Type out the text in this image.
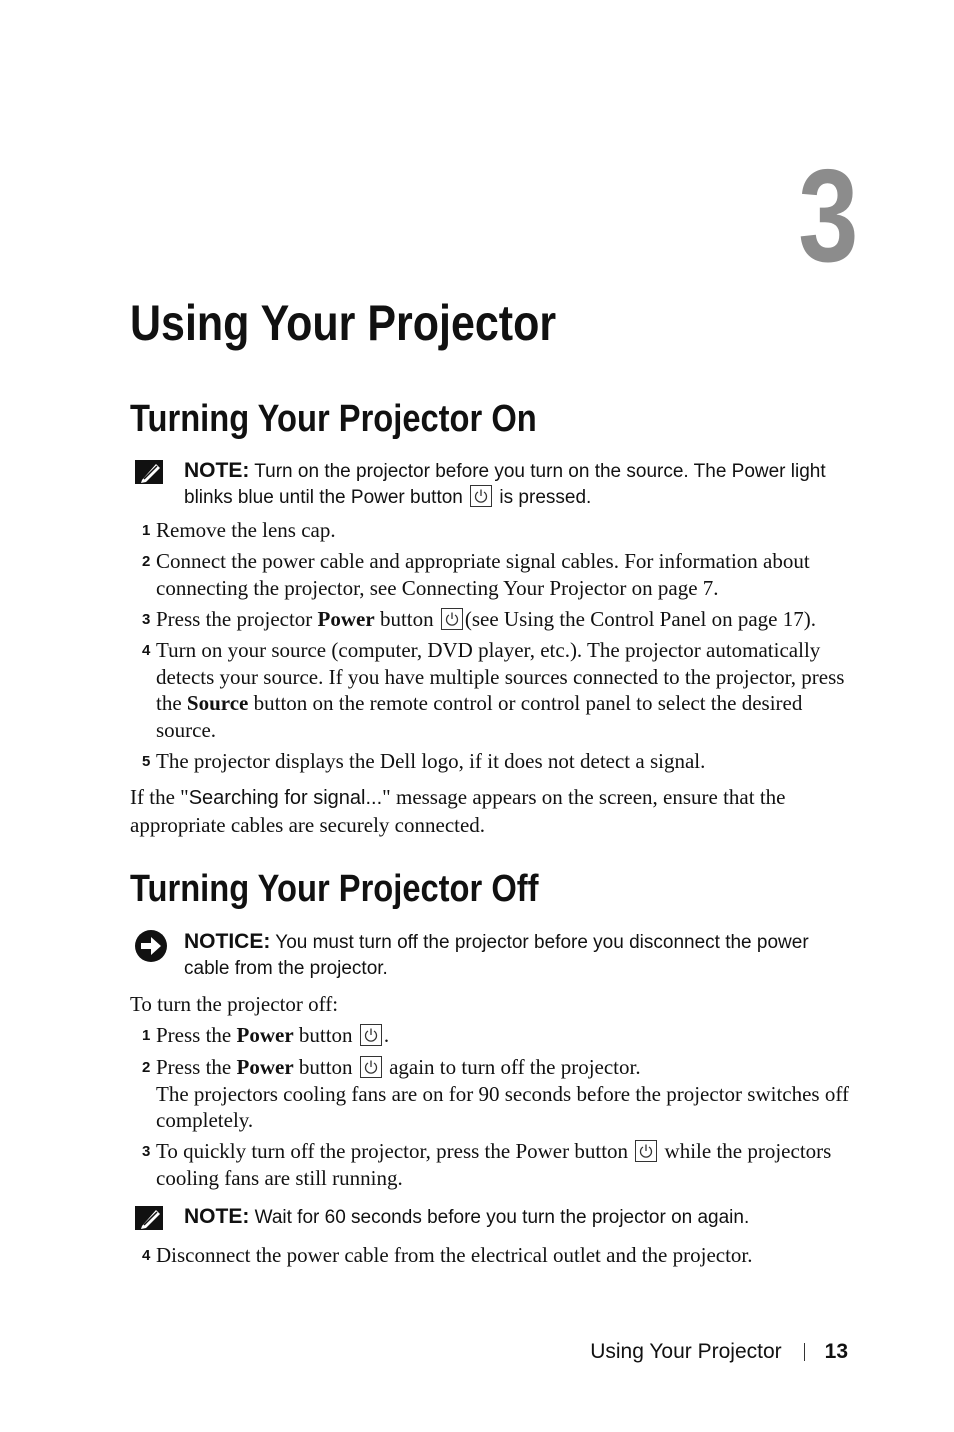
3
Using Your Projector
Turning Your Projector On
NOTE: Turn on the projector before you turn on the source. The Power light blinks blue until the Power button is pressed.
1 Remove the lens cap.
2 Connect the power cable and appropriate signal cables. For information about connecting the projector, see Connecting Your Projector on page 7.
3 Press the projector Power button (see Using the Control Panel on page 17).
4 Turn on your source (computer, DVD player, etc.). The projector automatically detects your source. If you have multiple sources connected to the projector, press the Source button on the remote control or control panel to select the desired source.
5 The projector displays the Dell logo, if it does not detect a signal.
If the "Searching for signal..." message appears on the screen, ensure that the appropriate cables are securely connected.
Turning Your Projector Off
NOTICE: You must turn off the projector before you disconnect the power cable from the projector.
To turn the projector off:
1 Press the Power button .
2 Press the Power button again to turn off the projector.
The projectors cooling fans are on for 90 seconds before the projector switches off completely.
3 To quickly turn off the projector, press the Power button while the projectors cooling fans are still running.
NOTE: Wait for 60 seconds before you turn the projector on again.
4 Disconnect the power cable from the electrical outlet and the projector.
Using Your Projector 13
